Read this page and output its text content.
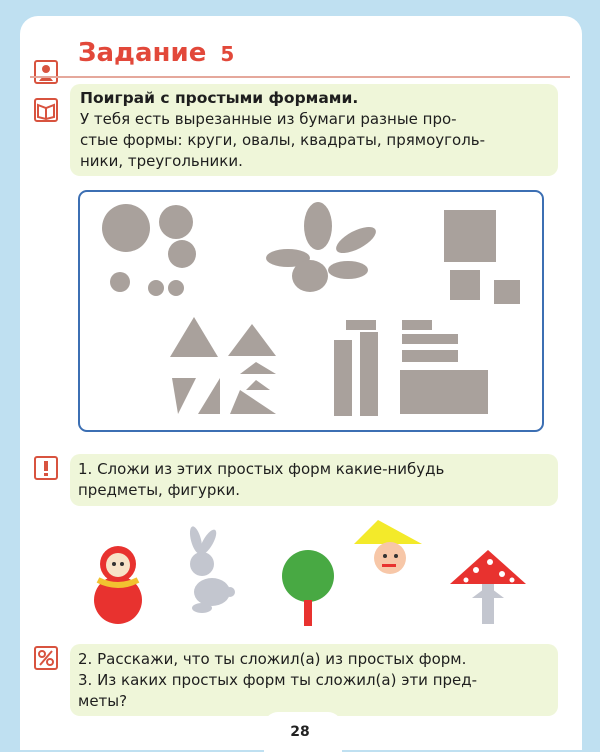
Задание 5
Поиграй с простыми формами.
У тебя есть вырезанные из бумаги разные про-
стые формы: круги, овалы, квадраты, прямоуголь-
ники, треугольники.
1. Сложи из этих простых форм какие-нибудь
предметы, фигурки.
2. Расскажи, что ты сложил(а) из простых форм.
3. Из каких простых форм ты сложил(а) эти пред-
меты?
28
